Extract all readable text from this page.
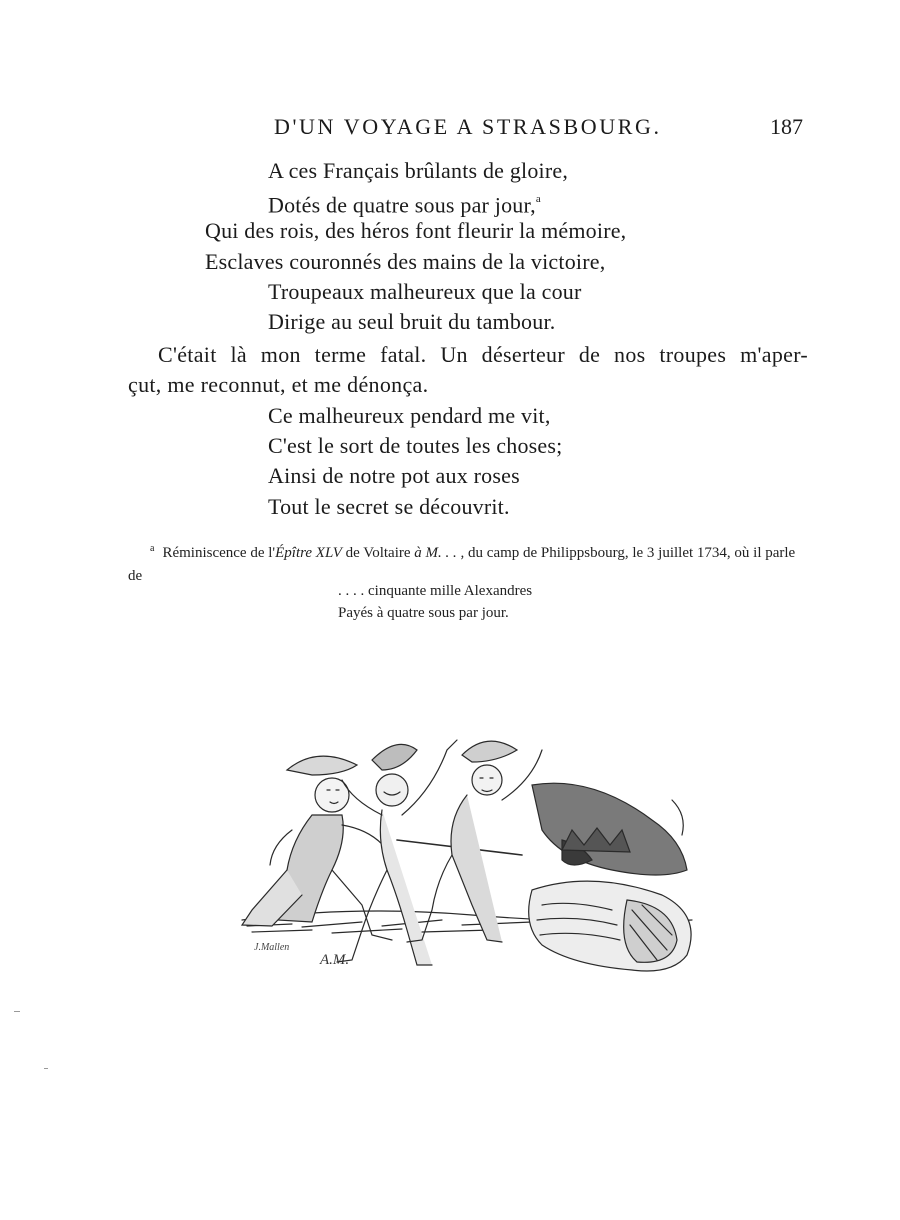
D'UN VOYAGE A STRASBOURG.	187
A ces Français brûlants de gloire,
Dotés de quatre sous par jour,$^a$
Qui des rois, des héros font fleurir la mémoire,
Esclaves couronnés des mains de la victoire,
Troupeaux malheureux que la cour
Dirige au seul bruit du tambour.
C'était là mon terme fatal. Un déserteur de nos troupes m'aper-
çut, me reconnut, et me dénonça.
Ce malheureux pendard me vit,
C'est le sort de toutes les choses;
Ainsi de notre pot aux roses
Tout le secret se découvrit.
$^a$ Réminiscence de l'Épître XLV de Voltaire à M. . . , du camp de Philippsbourg, le 3 juillet 1734, où il parle de
. . . . cinquante mille Alexandres
Payés à quatre sous par jour.
J.Mallen
A.M.
